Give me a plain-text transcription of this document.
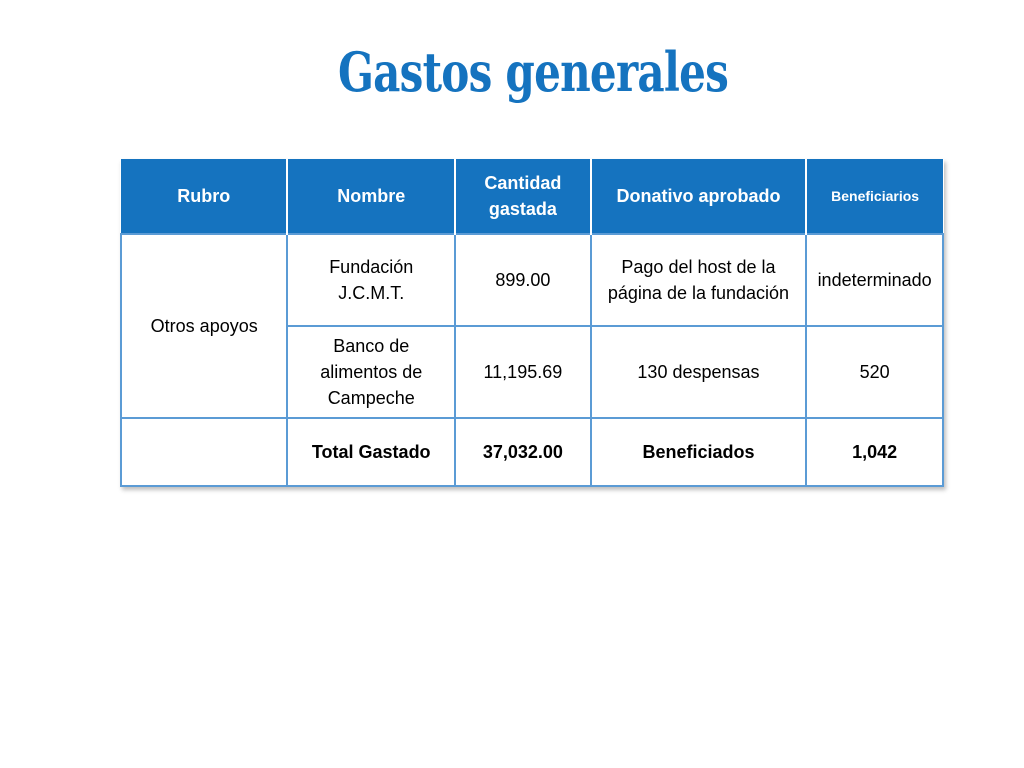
Gastos generales
Rubro	Nombre	Cantidad gastada	Donativo aprobado	Beneficiarios
Otros apoyos	Fundación J.C.M.T.	899.00	Pago del host de la página de la fundación	indeterminado
	Banco de alimentos de Campeche	11,195.69	130 despensas	520
	Total Gastado	37,032.00	Beneficiados	1,042
